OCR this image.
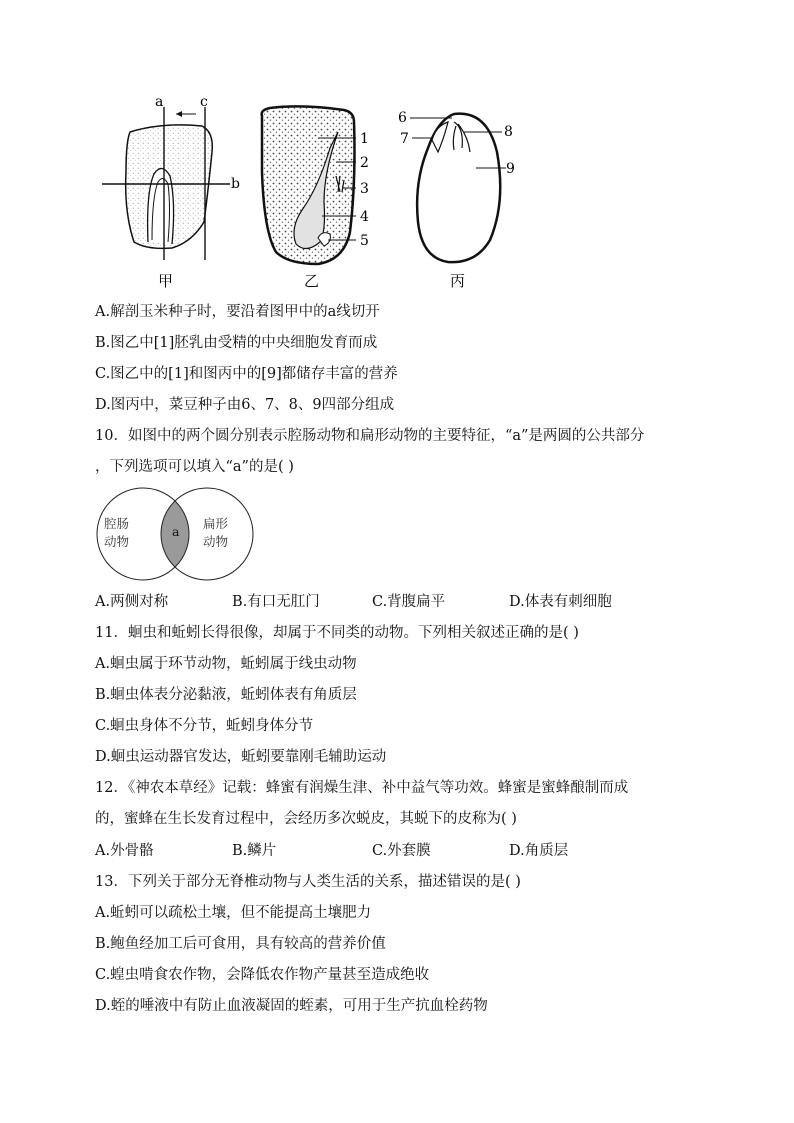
a	c
b
甲
1
2
3
4
5
乙
6
7	8
9
丙
A.解剖玉米种子时，要沿着图甲中的a线切开
B.图乙中[1]胚乳由受精的中央细胞发育而成
C.图乙中的[1]和图丙中的[9]都储存丰富的营养
D.图丙中，菜豆种子由6、7、8、9四部分组成
10．如图中的两个圆分别表示腔肠动物和扁形动物的主要特征，“a”是两圆的公共部分
，下列选项可以填入“a”的是( )
腔肠
动物
a
扁形
动物
A.两侧对称	B.有口无肛门	C.背腹扁平	D.体表有刺细胞
11．蛔虫和蚯蚓长得很像，却属于不同类的动物。下列相关叙述正确的是( )
A.蛔虫属于环节动物，蚯蚓属于线虫动物
B.蛔虫体表分泌黏液，蚯蚓体表有角质层
C.蛔虫身体不分节，蚯蚓身体分节
D.蛔虫运动器官发达，蚯蚓要靠刚毛辅助运动
12．《神农本草经》记载：蜂蜜有润燥生津、补中益气等功效。蜂蜜是蜜蜂酿制而成
的，蜜蜂在生长发育过程中，会经历多次蜕皮，其蜕下的皮称为( )
A.外骨骼	B.鳞片	C.外套膜	D.角质层
13．下列关于部分无脊椎动物与人类生活的关系，描述错误的是( )
A.蚯蚓可以疏松土壤，但不能提高土壤肥力
B.鲍鱼经加工后可食用，具有较高的营养价值
C.蝗虫啃食农作物，会降低农作物产量甚至造成绝收
D.蛭的唾液中有防止血液凝固的蛭素，可用于生产抗血栓药物
